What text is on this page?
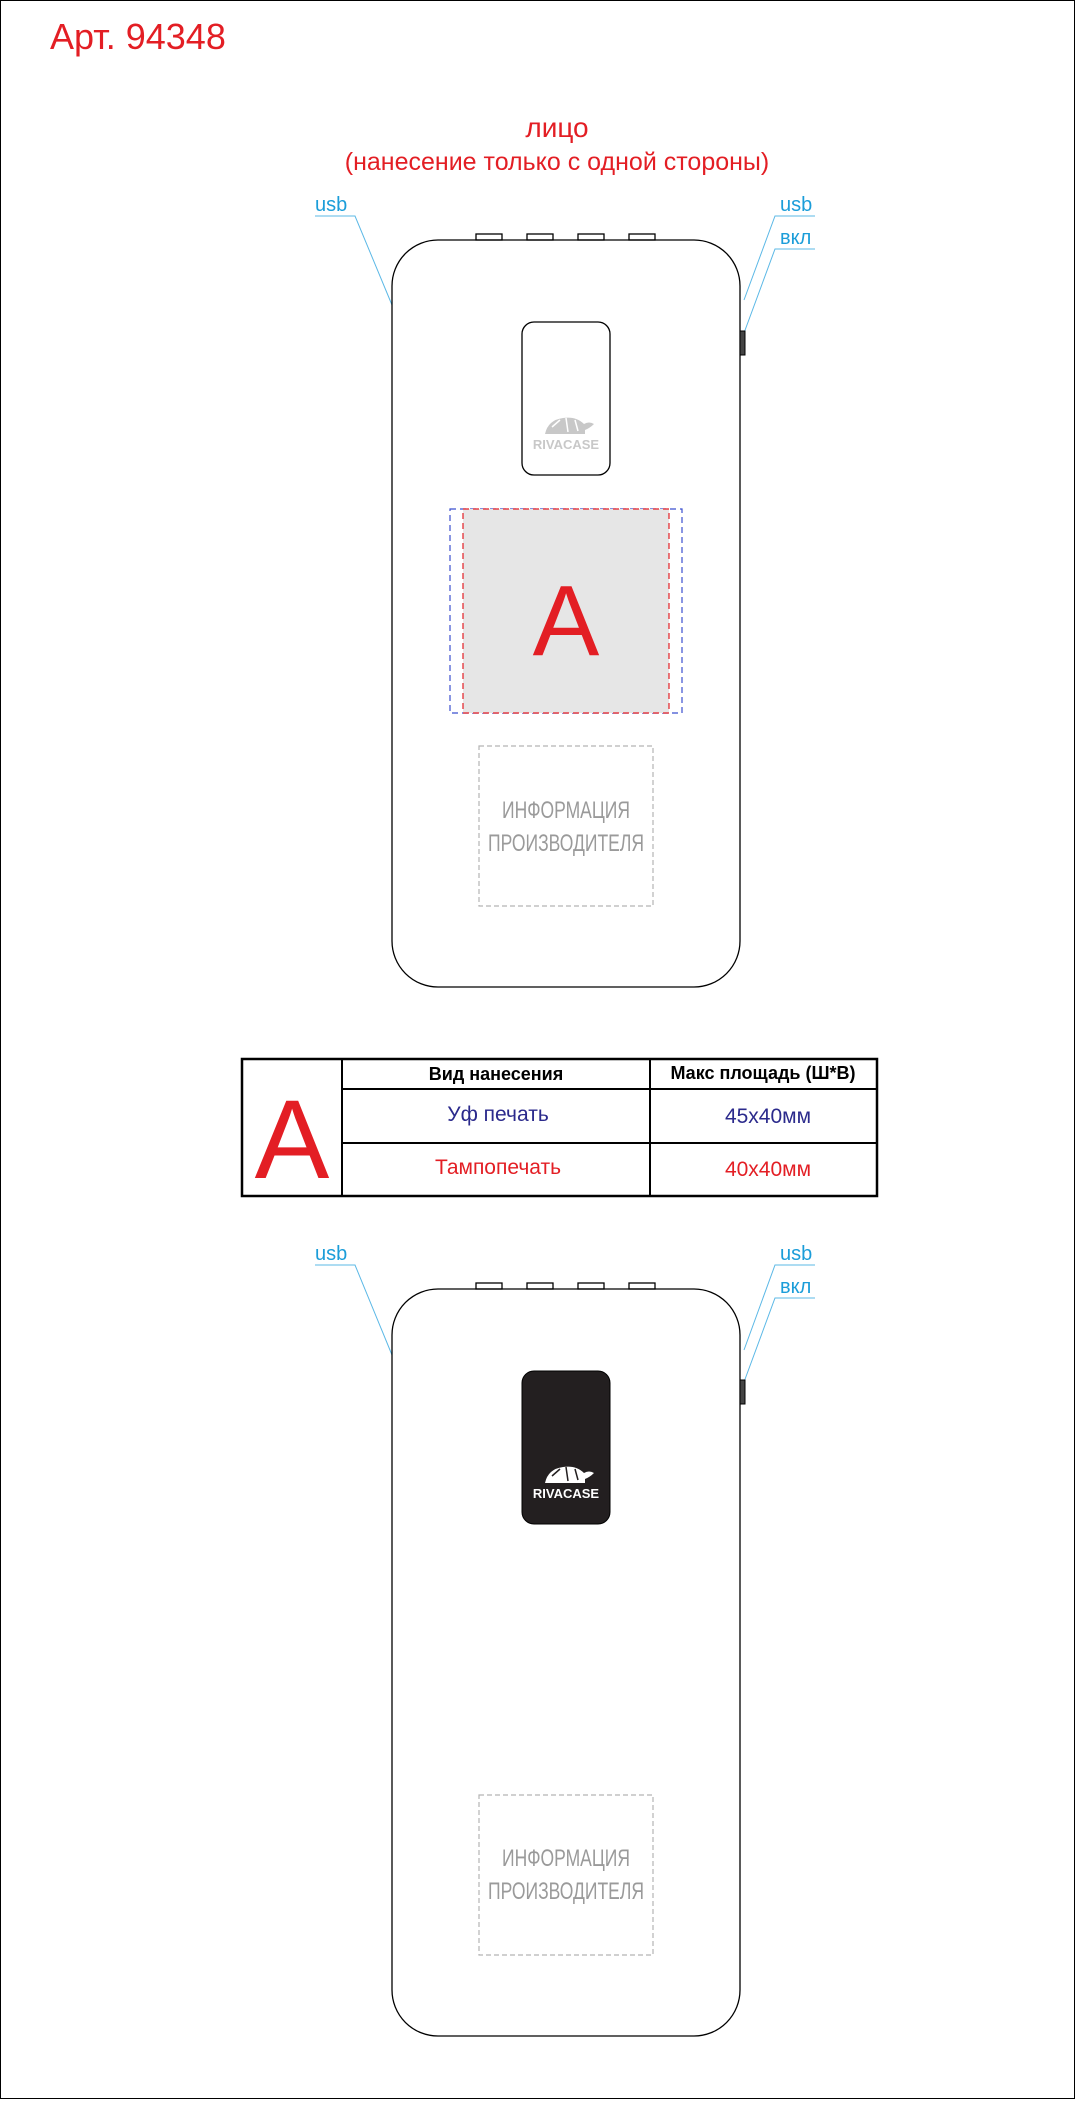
Арт. 94348
лицо
(нанесение только с одной стороны)
usb	usb
вкл
RIVACASE
A
ИНФОРМАЦИЯ
ПРОИЗВОДИТЕЛЯ
A
Вид нанесения	Макс площадь (Ш*В)
Уф печать	45x40мм
Тампопечать	40x40мм
usb	usb
вкл
RIVACASE
ИНФОРМАЦИЯ
ПРОИЗВОДИТЕЛЯ
